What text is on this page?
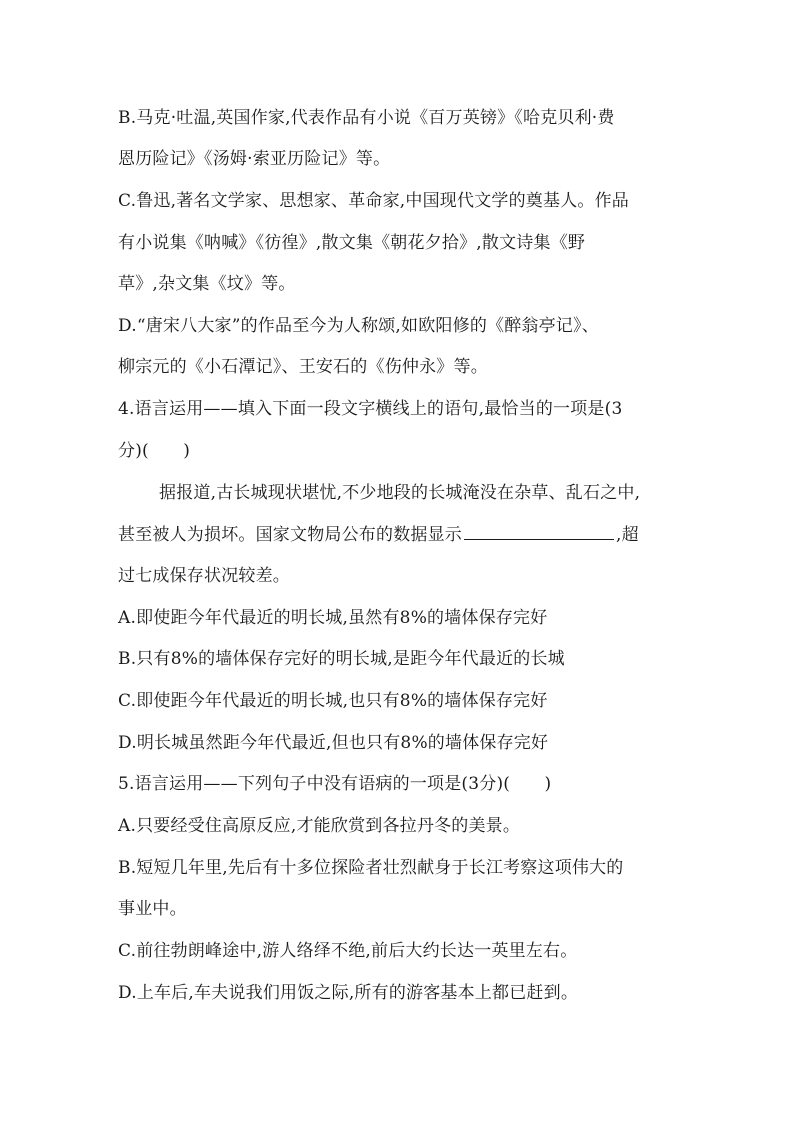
B.马克·吐温,英国作家,代表作品有小说《百万英镑》《哈克贝利·费
恩历险记》《汤姆·索亚历险记》等。
C.鲁迅,著名文学家、思想家、革命家,中国现代文学的奠基人。作品
有小说集《呐喊》《彷徨》,散文集《朝花夕拾》,散文诗集《野
草》,杂文集《坟》等。
D.“唐宋八大家”的作品至今为人称颂,如欧阳修的《醉翁亭记》、
柳宗元的《小石潭记》、王安石的《伤仲永》等。
4.语言运用——填入下面一段文字横线上的语句,最恰当的一项是(3
分)(　　)
据报道,古长城现状堪忧,不少地段的长城淹没在杂草、乱石之中,
甚至被人为损坏。国家文物局公布的数据显示	,超
过七成保存状况较差。
A.即使距今年代最近的明长城,虽然有8%的墙体保存完好
B.只有8%的墙体保存完好的明长城,是距今年代最近的长城
C.即使距今年代最近的明长城,也只有8%的墙体保存完好
D.明长城虽然距今年代最近,但也只有8%的墙体保存完好
5.语言运用——下列句子中没有语病的一项是(3分)(　　)
A.只要经受住高原反应,才能欣赏到各拉丹冬的美景。
B.短短几年里,先后有十多位探险者壮烈献身于长江考察这项伟大的
事业中。
C.前往勃朗峰途中,游人络绎不绝,前后大约长达一英里左右。
D.上车后,车夫说我们用饭之际,所有的游客基本上都已赶到。
